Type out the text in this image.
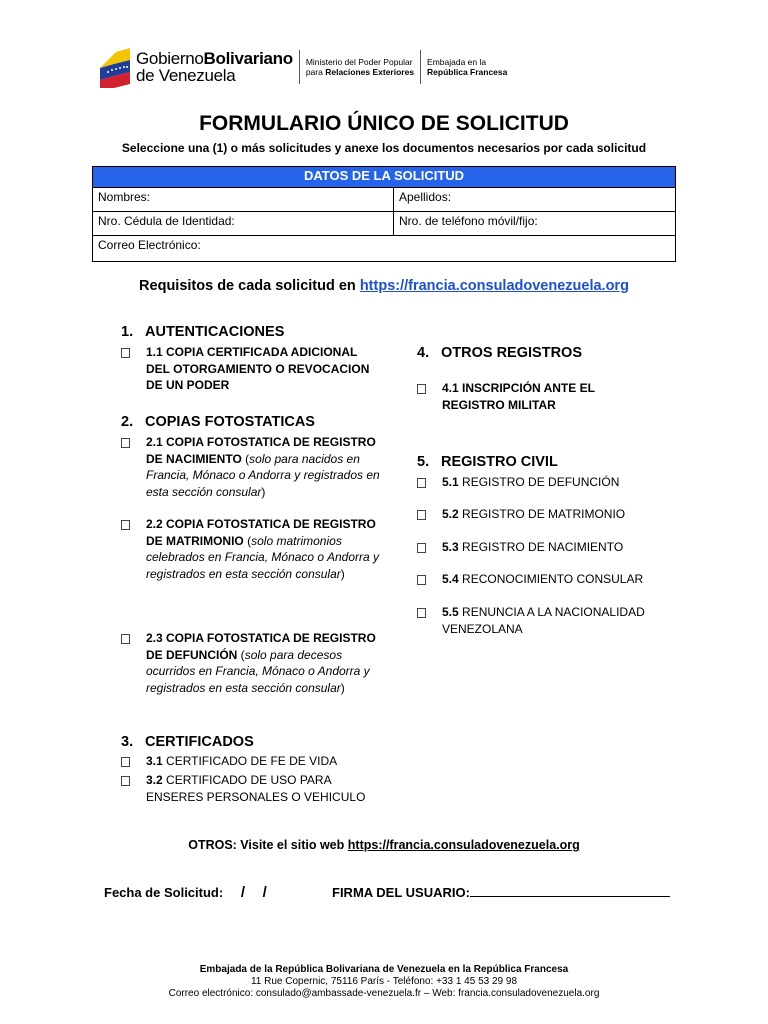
GobiernoBolivariano
de Venezuela
Ministerio del Poder Popular
para Relaciones Exteriores
Embajada en la
República Francesa
FORMULARIO ÚNICO DE SOLICITUD
Seleccione una (1) o más solicitudes y anexe los documentos necesarios por cada solicitud
DATOS DE LA SOLICITUD	
Nombres:	Apellidos:
Nro. Cédula de Identidad:	Nro. de teléfono móvil/fijo:
Correo Electrónico:	
Requisitos de cada solicitud en https://francia.consuladovenezuela.org
1. AUTENTICACIONES
1.1 COPIA CERTIFICADA ADICIONAL DEL OTORGAMIENTO O REVOCACION DE UN PODER
2. COPIAS FOTOSTATICAS
2.1 COPIA FOTOSTATICA DE REGISTRO DE NACIMIENTO (solo para nacidos en Francia, Mónaco o Andorra y registrados en esta sección consular)
2.2 COPIA FOTOSTATICA DE REGISTRO DE MATRIMONIO (solo matrimonios celebrados en Francia, Mónaco o Andorra y registrados en esta sección consular)
2.3 COPIA FOTOSTATICA DE REGISTRO DE DEFUNCIÓN (solo para decesos ocurridos en Francia, Mónaco o Andorra y registrados en esta sección consular)
3. CERTIFICADOS
3.1 CERTIFICADO DE FE DE VIDA
3.2 CERTIFICADO DE USO PARA ENSERES PERSONALES O VEHICULO
4. OTROS REGISTROS
4.1 INSCRIPCIÓN ANTE EL REGISTRO MILITAR
5. REGISTRO CIVIL
5.1 REGISTRO DE DEFUNCIÓN
5.2 REGISTRO DE MATRIMONIO
5.3 REGISTRO DE NACIMIENTO
5.4 RECONOCIMIENTO CONSULAR
5.5 RENUNCIA A LA NACIONALIDAD VENEZOLANA
OTROS: Visite el sitio web https://francia.consuladovenezuela.org
Fecha de Solicitud: / /	FIRMA DEL USUARIO:
Embajada de la República Bolivariana de Venezuela en la República Francesa
11 Rue Copernic, 75116 París - Teléfono: +33 1 45 53 29 98
Correo electrónico: consulado@ambassade-venezuela.fr – Web: francia.consuladovenezuela.org
